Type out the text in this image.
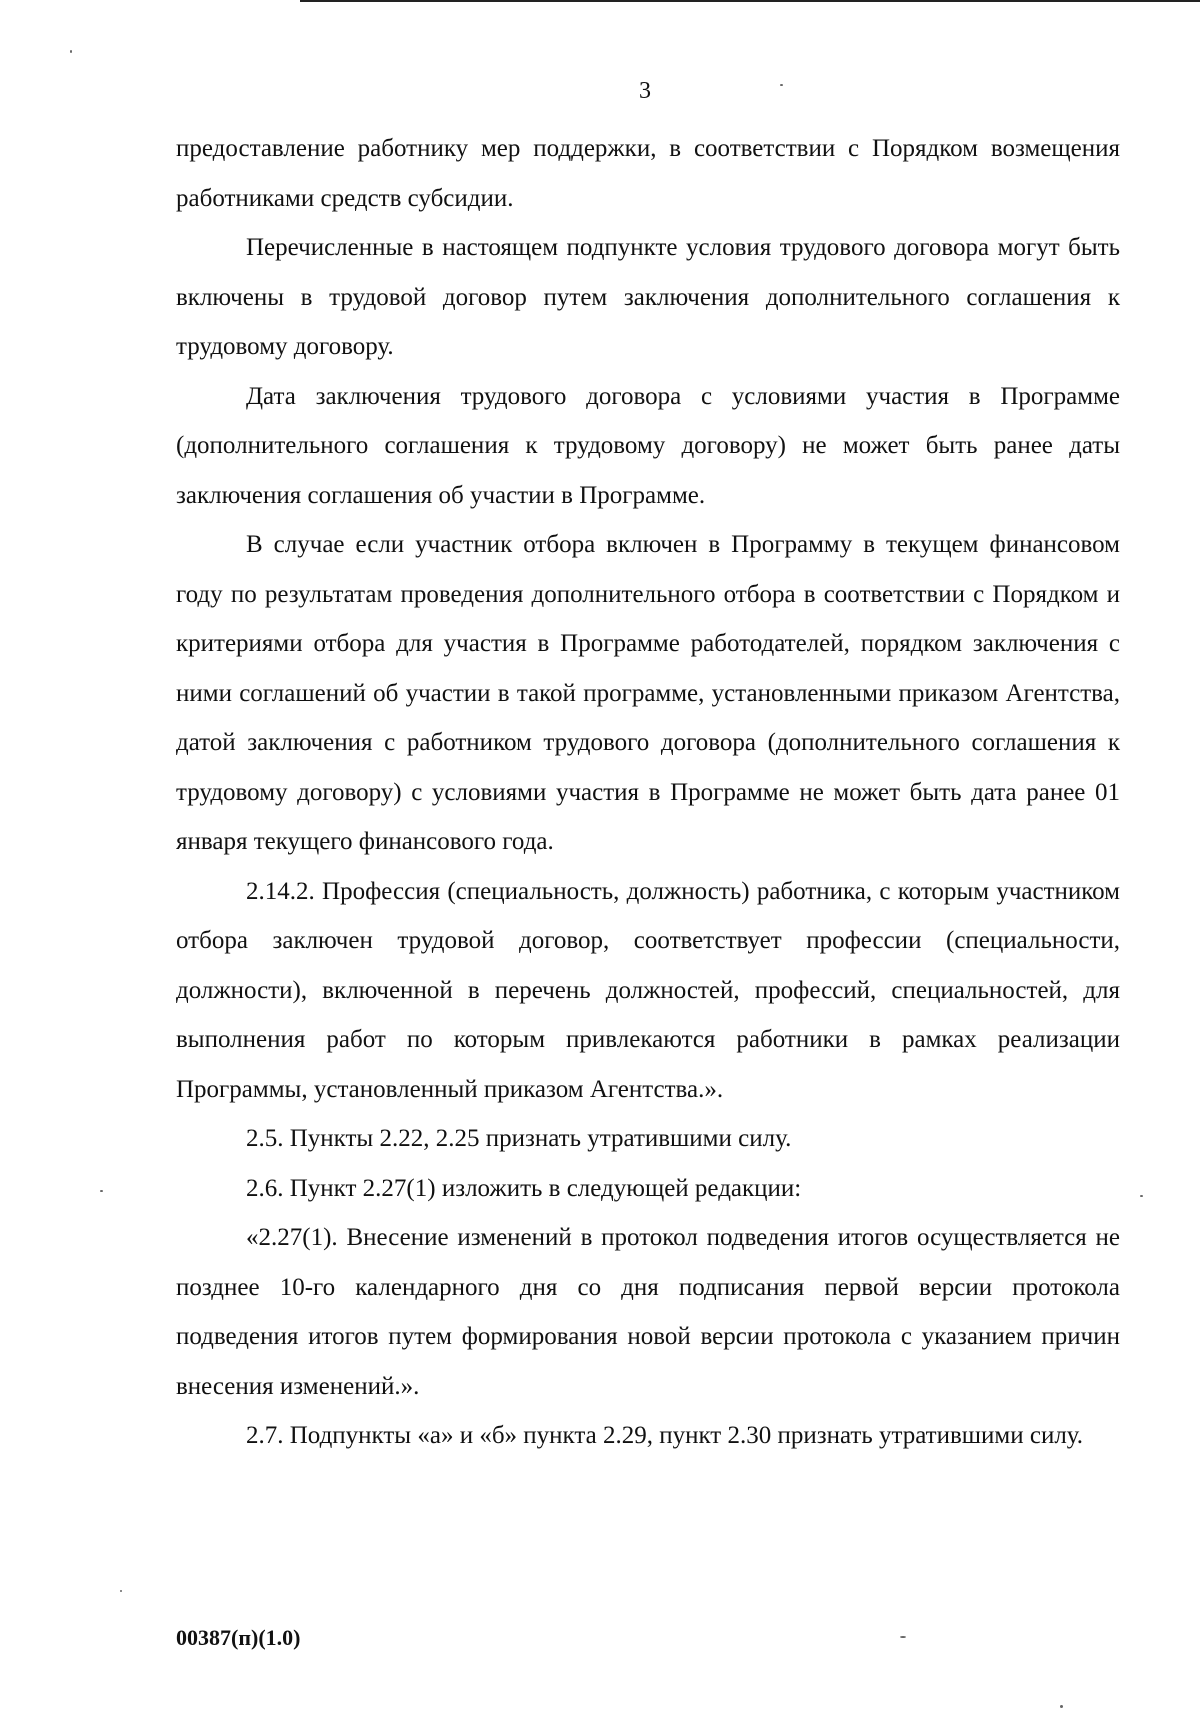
3

предоставление работнику мер поддержки, в соответствии с Порядком возмещения работниками средств субсидии.

Перечисленные в настоящем подпункте условия трудового договора могут быть включены в трудовой договор путем заключения дополнительного соглашения к трудовому договору.

Дата заключения трудового договора с условиями участия в Программе (дополнительного соглашения к трудовому договору) не может быть ранее даты заключения соглашения об участии в Программе.

В случае если участник отбора включен в Программу в текущем финансовом году по результатам проведения дополнительного отбора в соответствии с Порядком и критериями отбора для участия в Программе работодателей, порядком заключения с ними соглашений об участии в такой программе, установленными приказом Агентства, датой заключения с работником трудового договора (дополнительного соглашения к трудовому договору) с условиями участия в Программе не может быть дата ранее 01 января текущего финансового года.

2.14.2. Профессия (специальность, должность) работника, с которым участником отбора заключен трудовой договор, соответствует профессии (специальности, должности), включенной в перечень должностей, профессий, специальностей, для выполнения работ по которым привлекаются работники в рамках реализации Программы, установленный приказом Агентства.».

2.5. Пункты 2.22, 2.25 признать утратившими силу.

2.6. Пункт 2.27(1) изложить в следующей редакции:

«2.27(1). Внесение изменений в протокол подведения итогов осуществляется не позднее 10-го календарного дня со дня подписания первой версии протокола подведения итогов путем формирования новой версии протокола с указанием причин внесения изменений.».

2.7. Подпункты «а» и «б» пункта 2.29, пункт 2.30 признать утратившими силу.

00387(п)(1.0)
